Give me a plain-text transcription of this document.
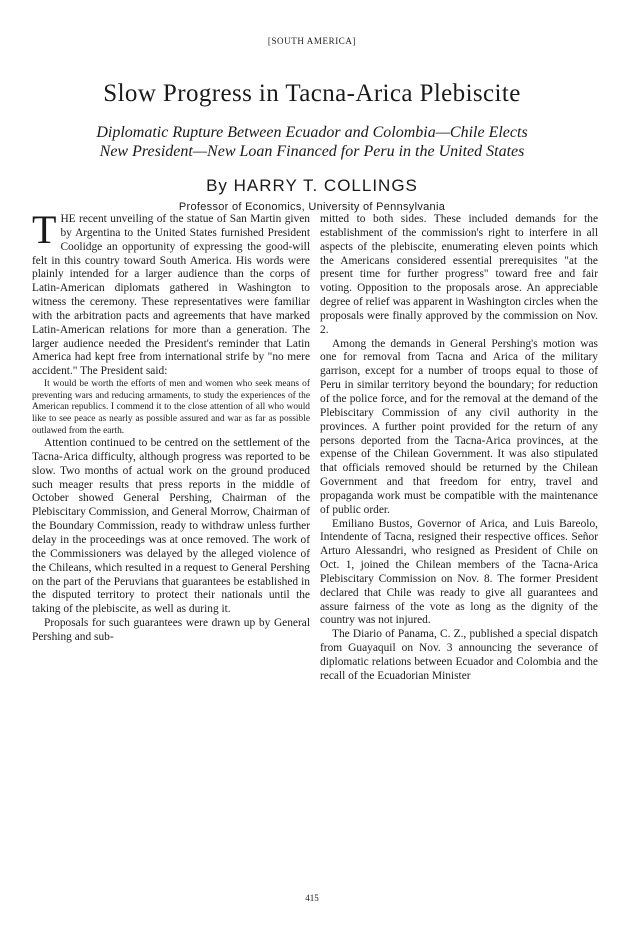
[SOUTH AMERICA]
Slow Progress in Tacna-Arica Plebiscite
Diplomatic Rupture Between Ecuador and Colombia—Chile Elects
New President—New Loan Financed for Peru in the United States
By HARRY T. COLLINGS
Professor of Economics, University of Pennsylvania

THE recent unveiling of the statue of San Martin given by Argentina to the United States furnished President Coolidge an opportunity of expressing the good-will felt in this country toward South America. His words were plainly intended for a larger audience than the corps of Latin-American diplomats gathered in Washington to witness the ceremony. These representatives were familiar with the arbitration pacts and agreements that have marked Latin-American relations for more than a generation. The larger audience needed the President's reminder that Latin America had kept free from international strife by "no mere accident." The President said:

It would be worth the efforts of men and women who seek means of preventing wars and reducing armaments, to study the experiences of the American republics. I commend it to the close attention of all who would like to see peace as nearly as possible assured and war as far as possible outlawed from the earth.

Attention continued to be centred on the settlement of the Tacna-Arica difficulty, although progress was reported to be slow. Two months of actual work on the ground produced such meager results that press reports in the middle of October showed General Pershing, Chairman of the Plebiscitary Commission, and General Morrow, Chairman of the Boundary Commission, ready to withdraw unless further delay in the proceedings was at once removed. The work of the Commissioners was delayed by the alleged violence of the Chileans, which resulted in a request to General Pershing on the part of the Peruvians that guarantees be established in the disputed territory to protect their nationals until the taking of the plebiscite, as well as during it.

Proposals for such guarantees were drawn up by General Pershing and sub-

mitted to both sides. These included demands for the establishment of the commission's right to interfere in all aspects of the plebiscite, enumerating eleven points which the Americans considered essential prerequisites "at the present time for further progress" toward free and fair voting. Opposition to the proposals arose. An appreciable degree of relief was apparent in Washington circles when the proposals were finally approved by the commission on Nov. 2.

Among the demands in General Pershing's motion was one for removal from Tacna and Arica of the military garrison, except for a number of troops equal to those of Peru in similar territory beyond the boundary; for reduction of the police force, and for the removal at the demand of the Plebiscitary Commission of any civil authority in the provinces. A further point provided for the return of any persons deported from the Tacna-Arica provinces, at the expense of the Chilean Government. It was also stipulated that officials removed should be returned by the Chilean Government and that freedom for entry, travel and propaganda work must be compatible with the maintenance of public order.

Emiliano Bustos, Governor of Arica, and Luis Bareolo, Intendente of Tacna, resigned their respective offices. Señor Arturo Alessandri, who resigned as President of Chile on Oct. 1, joined the Chilean members of the Tacna-Arica Plebiscitary Commission on Nov. 8. The former President declared that Chile was ready to give all guarantees and assure fairness of the vote as long as the dignity of the country was not injured.

The Diario of Panama, C. Z., published a special dispatch from Guayaquil on Nov. 3 announcing the severance of diplomatic relations between Ecuador and Colombia and the recall of the Ecuadorian Minister

415
